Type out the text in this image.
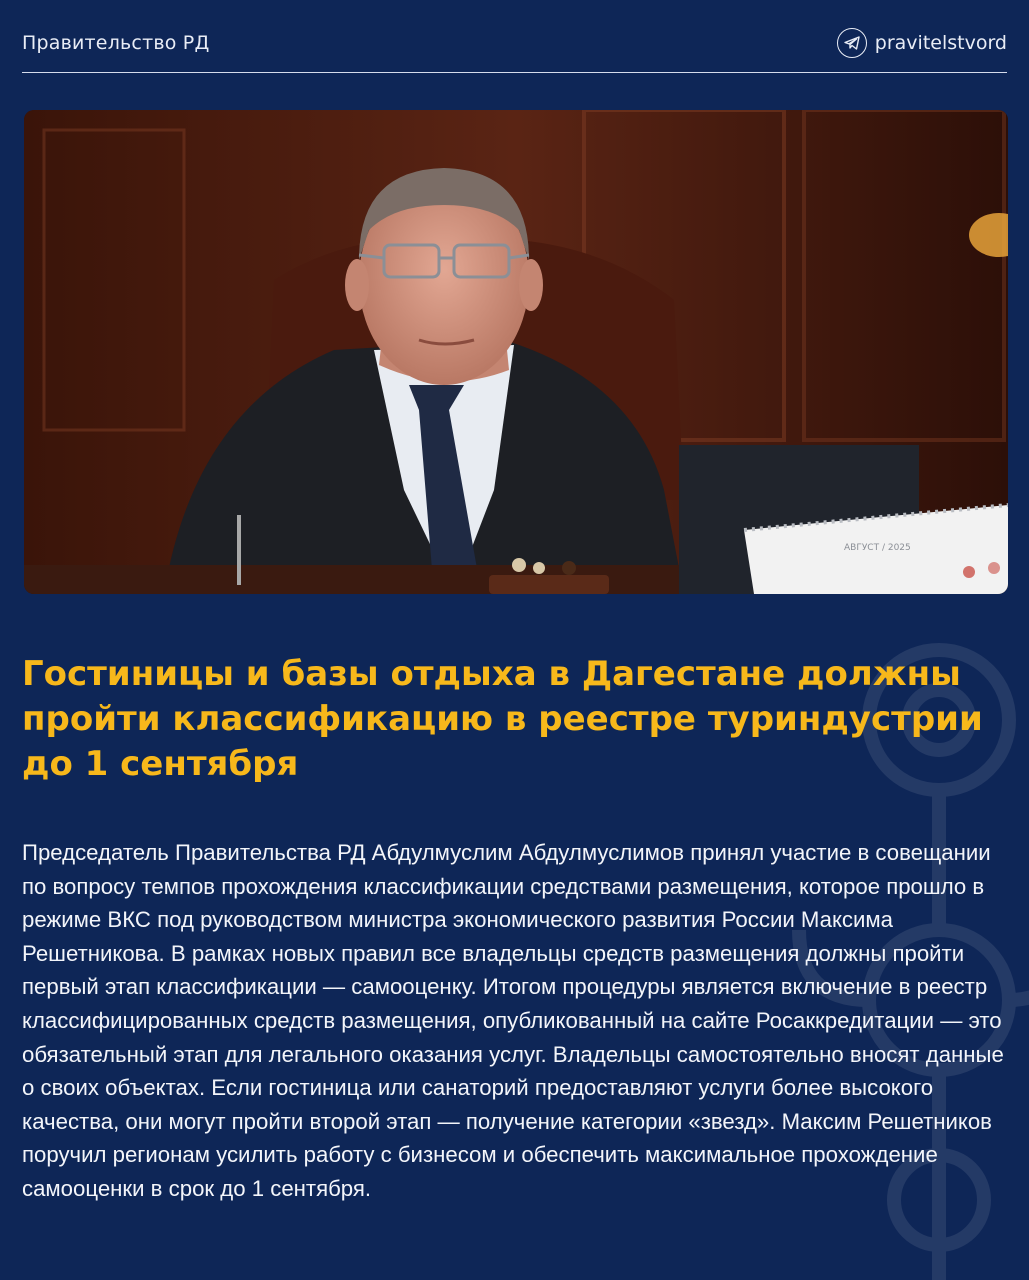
Правительство РД	pravitelstvord
АВГУСТ / 2025
Гостиницы и базы отдыха в Дагестане должны пройти классификацию в реестре туриндустрии до 1 сентября

Председатель Правительства РД Абдулмуслим Абдулмуслимов принял участие в совещании по вопросу темпов прохождения классификации средствами размещения, которое прошло в режиме ВКС под руководством министра экономического развития России Максима Решетникова. В рамках новых правил все владельцы средств размещения должны пройти первый этап классификации — самооценку. Итогом процедуры является включение в реестр классифицированных средств размещения, опубликованный на сайте Росаккредитации — это обязательный этап для легального оказания услуг. Владельцы самостоятельно вносят данные о своих объектах. Если гостиница или санаторий предоставляют услуги более высокого качества, они могут пройти второй этап — получение категории «звезд». Максим Решетников поручил регионам усилить работу с бизнесом и обеспечить максимальное прохождение самооценки в срок до 1 сентября.
